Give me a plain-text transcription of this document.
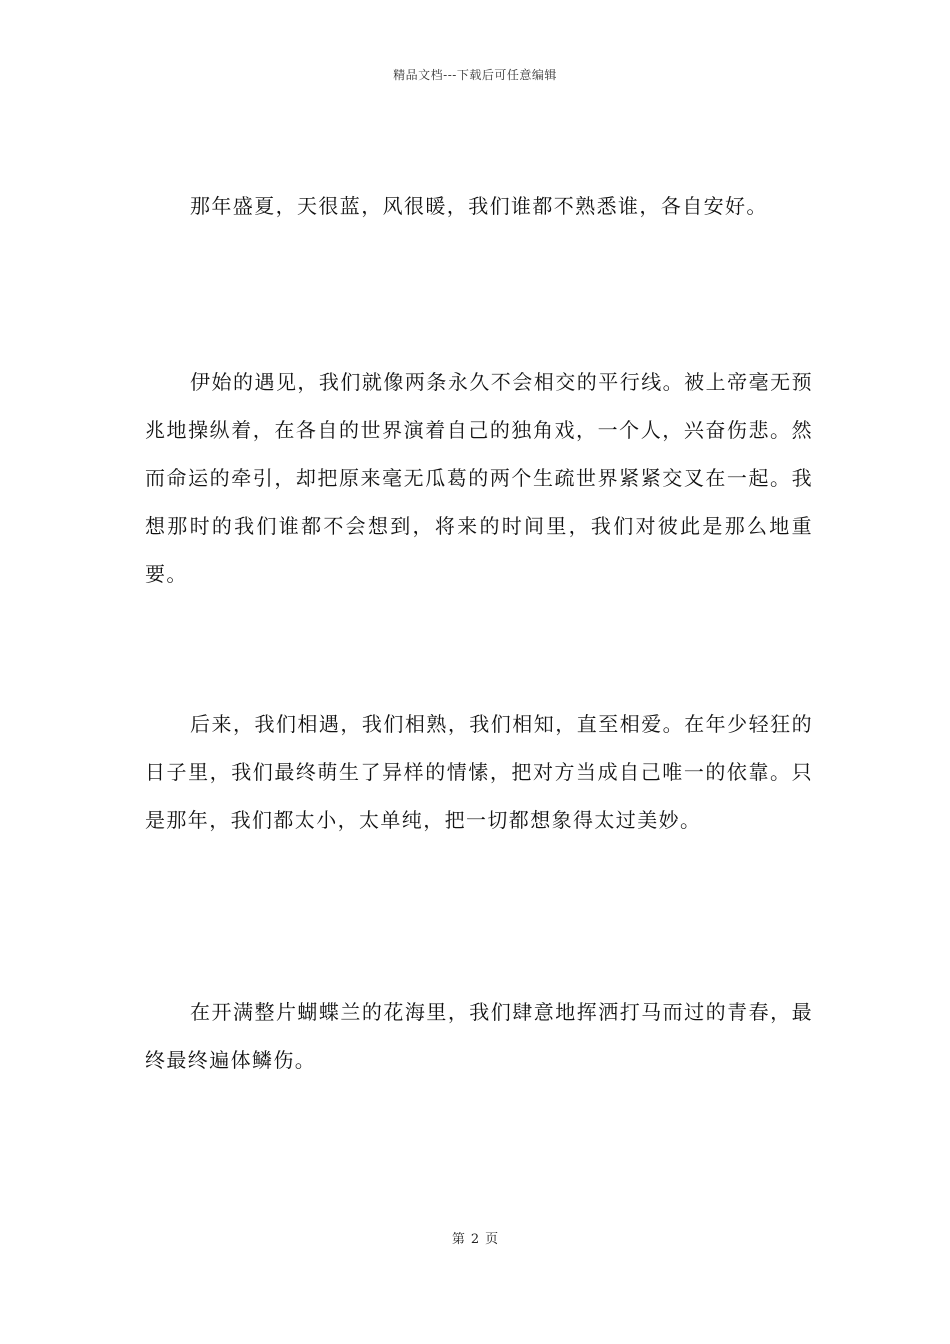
精品文档---下载后可任意编辑

那年盛夏，天很蓝，风很暖，我们谁都不熟悉谁，各自安好。

伊始的遇见，我们就像两条永久不会相交的平行线。被上帝毫无预兆地操纵着，在各自的世界演着自己的独角戏，一个人，兴奋伤悲。然而命运的牵引，却把原来毫无瓜葛的两个生疏世界紧紧交叉在一起。我想那时的我们谁都不会想到，将来的时间里，我们对彼此是那么地重要。

后来，我们相遇，我们相熟，我们相知，直至相爱。在年少轻狂的日子里，我们最终萌生了异样的情愫，把对方当成自己唯一的依靠。只是那年，我们都太小，太单纯，把一切都想象得太过美妙。

在开满整片蝴蝶兰的花海里，我们肆意地挥洒打马而过的青春，最终最终遍体鳞伤。

第 2 页
